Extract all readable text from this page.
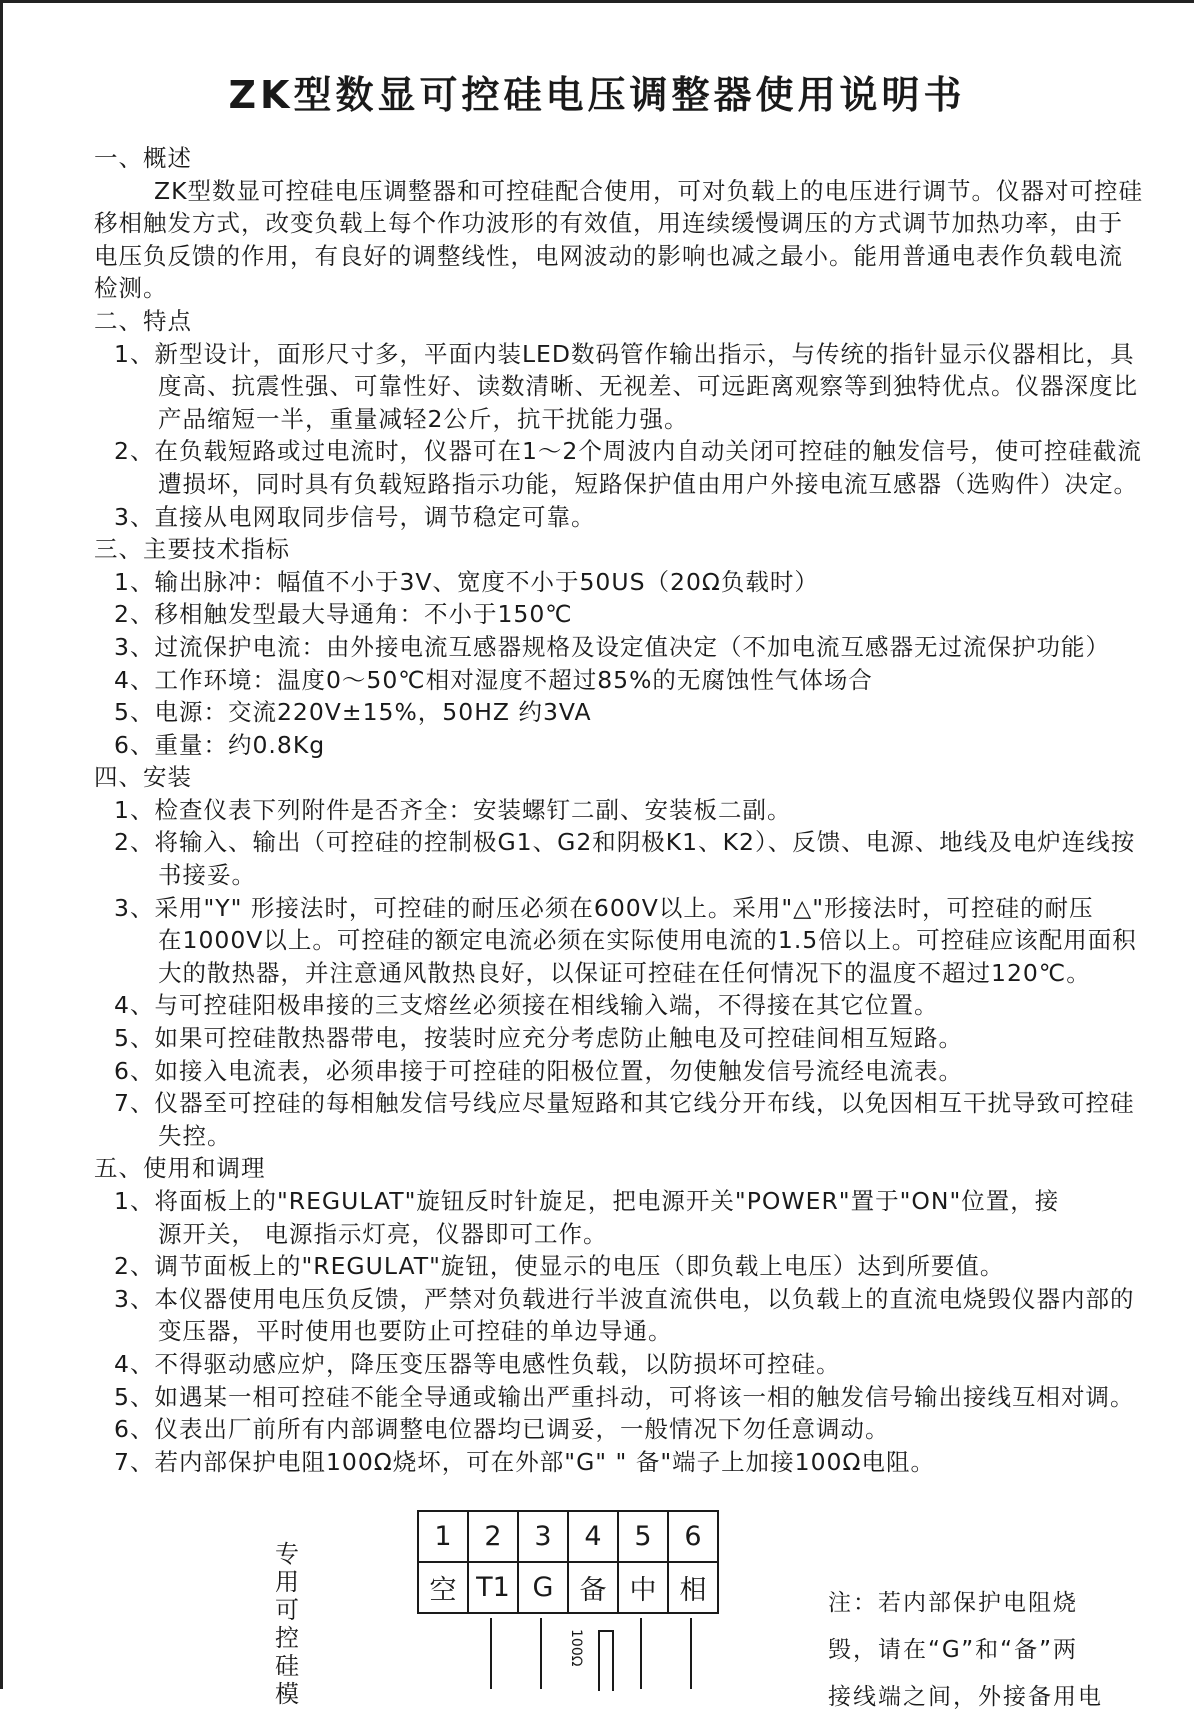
ZK型数显可控硅电压调整器使用说明书
一、概述
ZK型数显可控硅电压调整器和可控硅配合使用，可对负载上的电压进行调节。仪器对可控硅
移相触发方式，改变负载上每个作功波形的有效值，用连续缓慢调压的方式调节加热功率，由于
电压负反馈的作用，有良好的调整线性，电网波动的影响也减之最小。能用普通电表作负载电流
检测。
二、特点
1、新型设计，面形尺寸多，平面内装LED数码管作输出指示，与传统的指针显示仪器相比，具
度高、抗震性强、可靠性好、读数清晰、无视差、可远距离观察等到独特优点。仪器深度比
产品缩短一半，重量减轻2公斤，抗干扰能力强。
2、在负载短路或过电流时，仪器可在1～2个周波内自动关闭可控硅的触发信号，使可控硅截流
遭损坏，同时具有负载短路指示功能，短路保护值由用户外接电流互感器（选购件）决定。
3、直接从电网取同步信号，调节稳定可靠。
三、主要技术指标
1、输出脉冲：幅值不小于3V、宽度不小于50US（20Ω负载时）
2、移相触发型最大导通角：不小于150℃
3、过流保护电流：由外接电流互感器规格及设定值决定（不加电流互感器无过流保护功能）
4、工作环境：温度0～50℃相对湿度不超过85%的无腐蚀性气体场合
5、电源：交流220V±15%，50HZ 约3VA
6、重量：约0.8Kg
四、安装
1、检查仪表下列附件是否齐全：安装螺钉二副、安装板二副。
2、将输入、输出（可控硅的控制极G1、G2和阴极K1、K2）、反馈、电源、地线及电炉连线按
书接妥。
3、采用"Y" 形接法时，可控硅的耐压必须在600V以上。采用"△"形接法时，可控硅的耐压
在1000V以上。可控硅的额定电流必须在实际使用电流的1.5倍以上。可控硅应该配用面积
大的散热器，并注意通风散热良好，以保证可控硅在任何情况下的温度不超过120℃。
4、与可控硅阳极串接的三支熔丝必须接在相线输入端，不得接在其它位置。
5、如果可控硅散热器带电，按装时应充分考虑防止触电及可控硅间相互短路。
6、如接入电流表，必须串接于可控硅的阳极位置，勿使触发信号流经电流表。
7、仪器至可控硅的每相触发信号线应尽量短路和其它线分开布线，以免因相互干扰导致可控硅
失控。
五、使用和调理
1、将面板上的"REGULAT"旋钮反时针旋足，把电源开关"POWER"置于"ON"位置，接
源开关， 电源指示灯亮，仪器即可工作。
2、调节面板上的"REGULAT"旋钮，使显示的电压（即负载上电压）达到所要值。
3、本仪器使用电压负反馈，严禁对负载进行半波直流供电，以负载上的直流电烧毁仪器内部的
变压器，平时使用也要防止可控硅的单边导通。
4、不得驱动感应炉，降压变压器等电感性负载，以防损坏可控硅。
5、如遇某一相可控硅不能全导通或输出严重抖动，可将该一相的触发信号输出接线互相对调。
6、仪表出厂前所有内部调整电位器均已调妥，一般情况下勿任意调动。
7、若内部保护电阻100Ω烧坏，可在外部"G" " 备"端子上加接100Ω电阻。
专用可控硅模
1	2	3	4	5	6
空	T1	G	备	中	相
100Ω
注：若内部保护电阻烧
毁，请在“G”和“备”两
接线端之间，外接备用电
